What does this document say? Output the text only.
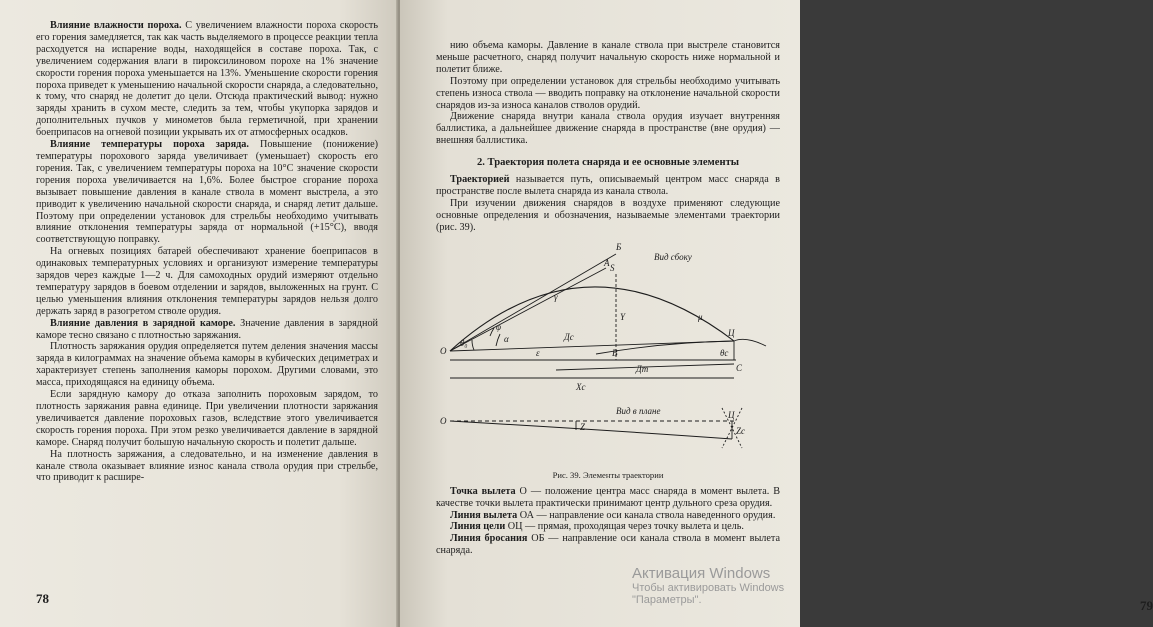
Влияние влажности пороха. С увеличением влажности пороха скорость его горения замедляется, так как часть выделяемого в процессе реакции тепла расходуется на испарение воды, находящейся в составе пороха. Так, с увеличением содержания влаги в пироксилиновом порохе на 1% значение скорости горения пороха уменьшается на 13%. Уменьшение скорости горения пороха приведет к уменьшению начальной скорости снаряда, а следовательно, к тому, что снаряд не долетит до цели. Отсюда практический вывод: нужно заряды хранить в сухом месте, следить за тем, чтобы укупорка зарядов и дополнительных пучков у минометов была герметичной, при хранении боеприпасов на огневой позиции укрывать их от атмосферных осадков.

Влияние температуры пороха заряда. Повышение (понижение) температуры порохового заряда увеличивает (уменьшает) скорость его горения. Так, с увеличением температуры пороха на 10°С значение скорости горения пороха увеличивается на 1,6%. Более быстрое сгорание пороха вызывает повышение давления в канале ствола в момент выстрела, а это приводит к увеличению начальной скорости снаряда, и снаряд летит дальше. Поэтому при определении установок для стрельбы необходимо учитывать влияние отклонения температуры заряда от нормальной (+15°С), вводя соответствующую поправку.

На огневых позициях батарей обеспечивают хранение боеприпасов в одинаковых температурных условиях и организуют измерение температуры зарядов через каждые 1—2 ч. Для самоходных орудий измеряют отдельно температуру зарядов в боевом отделении и зарядов, выложенных на грунт. С целью уменьшения влияния отклонения температуры зарядов нельзя долго держать заряд в разогретом стволе орудия.

Влияние давления в зарядной каморе. Значение давления в зарядной каморе тесно связано с плотностью заряжания.

Плотность заряжания орудия определяется путем деления значения массы заряда в килограммах на значение объема каморы в кубических дециметрах и характеризует степень заполнения каморы порохом. Другими словами, это масса, приходящаяся на единицу объема.

Если зарядную камору до отказа заполнить пороховым зарядом, то плотность заряжания равна единице. При увеличении плотности заряжания увеличивается давление пороховых газов, вследствие этого увеличивается скорость горения пороха. При этом резко увеличивается давление в зарядной каморе. Снаряд получит большую начальную скорость и полетит дальше.

На плотность заряжания, а следовательно, и на изменение давления в канале ствола оказывает влияние износ канала ствола орудия при стрельбе, что приводит к расшире-

78

нию объема каморы. Давление в канале ствола при выстреле становится меньше расчетного, снаряд получит начальную скорость ниже нормальной и полетит ближе.

Поэтому при определении установок для стрельбы необходимо учитывать степень износа ствола — вводить поправку на отклонение начальной скорости снарядов из-за износа каналов стволов орудий.

Движение снаряда внутри канала ствола орудия изучает внутренняя баллистика, а дальнейшее движение снаряда в пространстве (вне орудия) — внешняя баллистика.

2. Траектория полета снаряда и ее основные элементы

Траекторией называется путь, описываемый центром масс снаряда в пространстве после вылета снаряда из канала ствола.

При изучении движения снарядов в воздухе применяют следующие основные определения и обозначения, называемые элементами траектории (рис. 39).

Вид сбоку
Вид в плане
О
Б
А S
Ц
В
С
О
Ц
γ
φ
α
θ₀
ε
μ
θс
Y
Дс
Дт
Хс
Z	Zс
Рис. 39. Элементы траектории

Точка вылета О — положение центра масс снаряда в момент вылета. В качестве точки вылета практически принимают центр дульного среза орудия.

Линия вылета ОА — направление оси канала ствола наведенного орудия.

Линия цели ОЦ — прямая, проходящая через точку вылета и цель.

Линия бросания ОБ — направление оси канала ствола в момент вылета снаряда.

79
Активация Windows
Чтобы активировать Windows
"Параметры".
